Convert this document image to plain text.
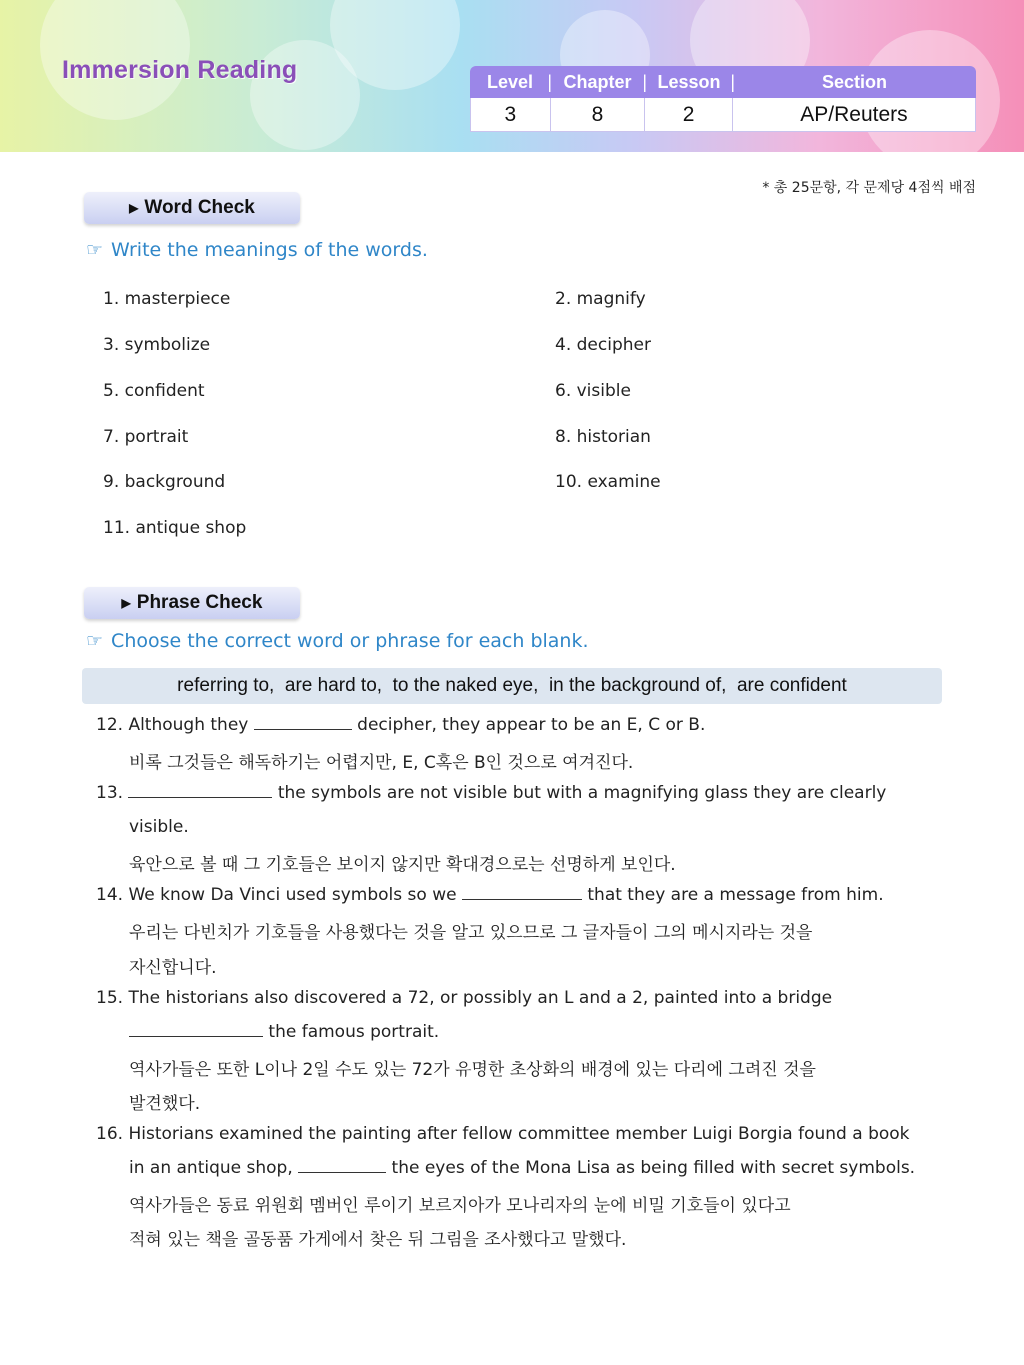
Immersion Reading	Level |	Chapter |	Lesson |	Section
3	8	2	AP/Reuters
* 총 25문항, 각 문제당 4점씩 배점
▶ Word Check
☞ Write the meanings of the words.
1. masterpiece	2. magnify
3. symbolize	4. decipher
5. confident	6. visible
7. portrait	8. historian
9. background	10. examine
11. antique shop
▶ Phrase Check
☞ Choose the correct word or phrase for each blank.
referring to,  are hard to,  to the naked eye,  in the background of,  are confident
12. Although they	decipher, they appear to be an E, C or B.
비록 그것들은 해독하기는 어렵지만, E, C혹은 B인 것으로 여겨진다.
13.	the symbols are not visible but with a magnifying glass they are clearly
visible.
육안으로 볼 때 그 기호들은 보이지 않지만 확대경으로는 선명하게 보인다.
14. We know Da Vinci used symbols so we	that they are a message from him.
우리는 다빈치가 기호들을 사용했다는 것을 알고 있으므로 그 글자들이 그의 메시지라는 것을
자신합니다.
15. The historians also discovered a 72, or possibly an L and a 2, painted into a bridge
the famous portrait.
역사가들은 또한 L이나 2일 수도 있는 72가 유명한 초상화의 배경에 있는 다리에 그려진 것을
발견했다.
16. Historians examined the painting after fellow committee member Luigi Borgia found a book
in an antique shop,	the eyes of the Mona Lisa as being filled with secret symbols.
역사가들은 동료 위원회 멤버인 루이기 보르지아가 모나리자의 눈에 비밀 기호들이 있다고
적혀 있는 책을 골동품 가게에서 찾은 뒤 그림을 조사했다고 말했다.
